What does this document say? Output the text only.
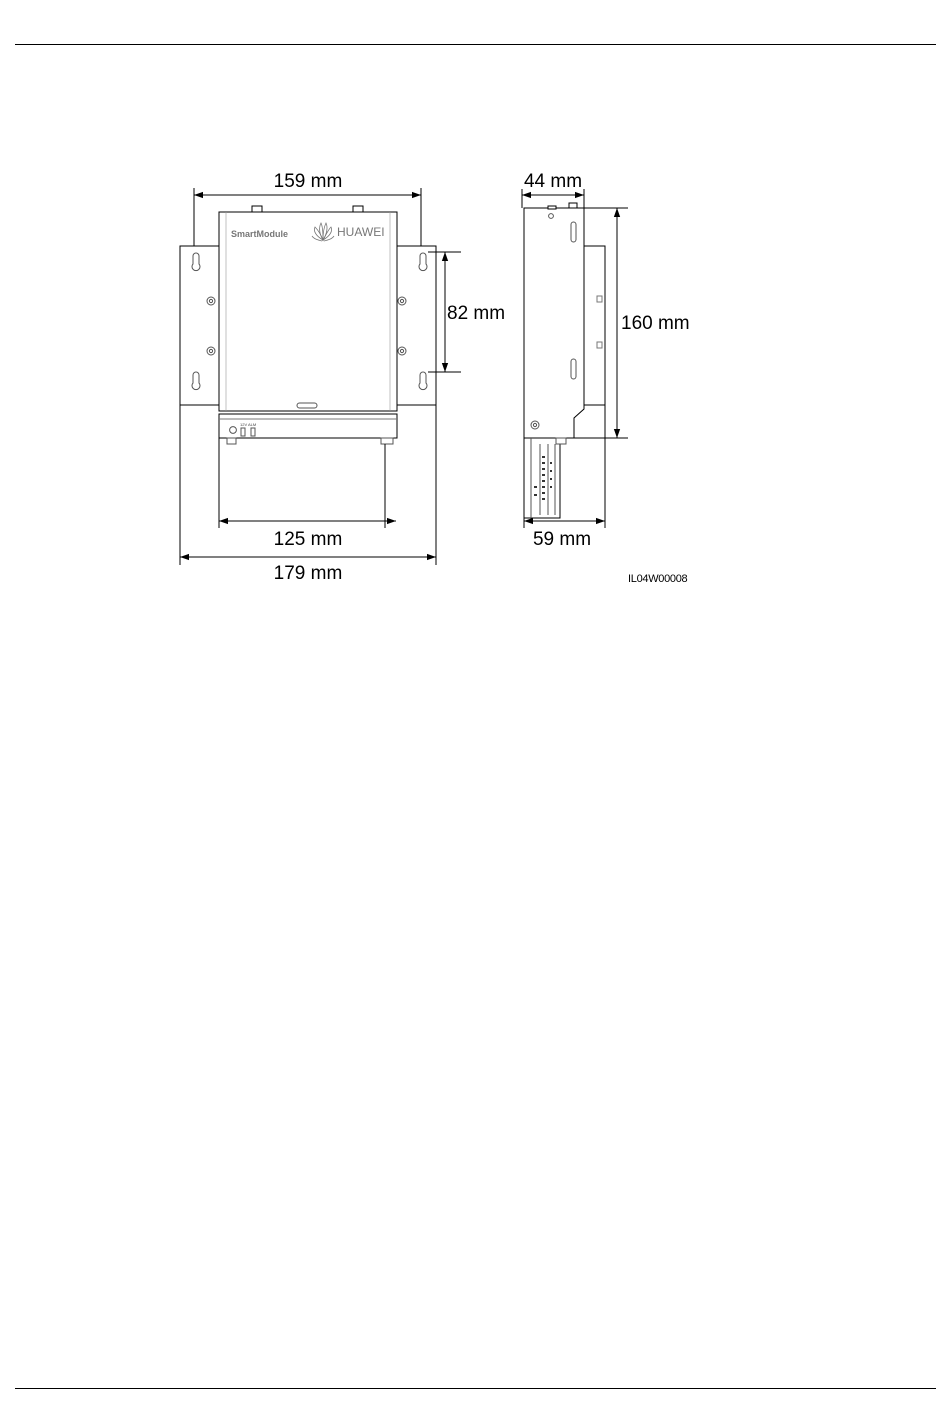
SmartModule	HUAWEI
12V ALM
159 mm
82 mm
125 mm
179 mm
44 mm
160 mm
59 mm
IL04W00008
